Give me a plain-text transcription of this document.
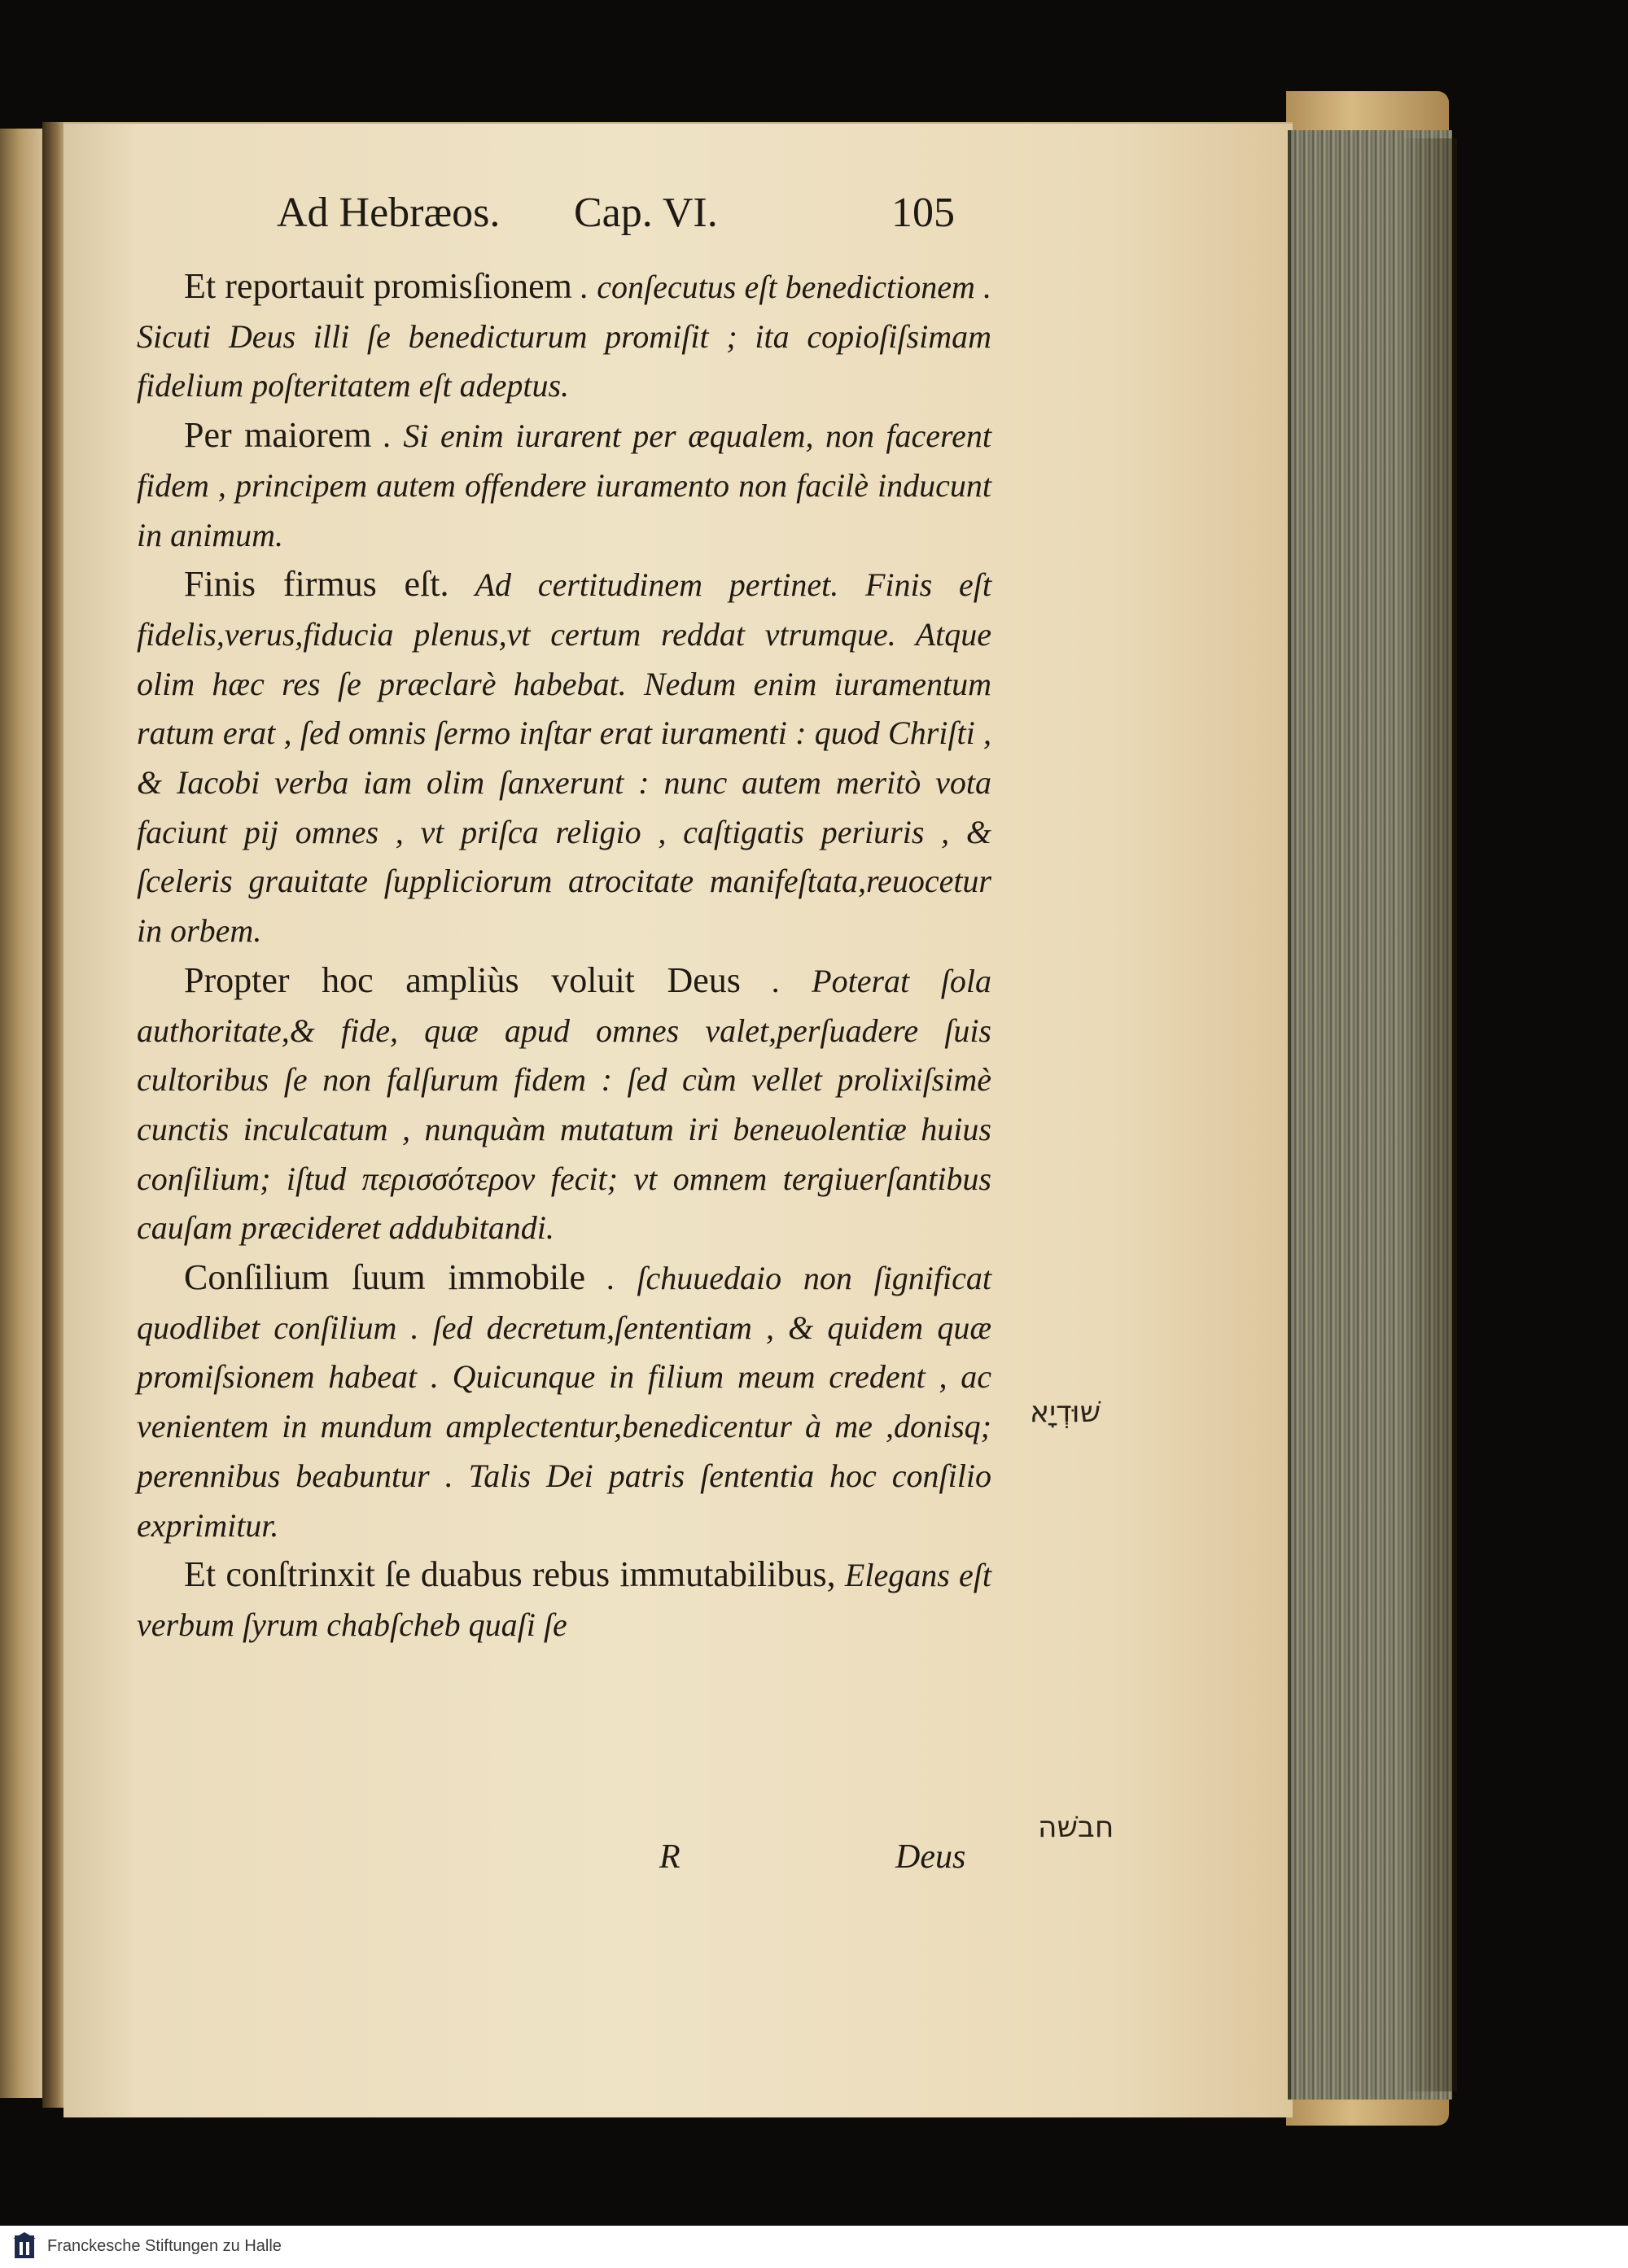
Ad Hebræos. Cap. VI.	105

Et reportauit promisſionem . conſecutus eſt benedictionem . Sicuti Deus illi ſe benedicturum promiſit ; ita copioſiſsimam fidelium poſteritatem eſt adeptus.

Per maiorem . Si enim iurarent per æqualem, non facerent fidem , principem autem offendere iuramento non facilè inducunt in animum.

Finis firmus eſt. Ad certitudinem pertinet. Finis eſt fidelis,verus,fiducia plenus,vt certum reddat vtrumque. Atque olim hæc res ſe præclarè habebat. Nedum enim iuramentum ratum erat , ſed omnis ſermo inſtar erat iuramenti : quod Chriſti , & Iacobi verba iam olim ſanxerunt : nunc autem meritò vota faciunt pij omnes , vt priſca religio , caſtigatis periuris , & ſceleris grauitate ſuppliciorum atrocitate manifeſtata,reuocetur in orbem.

Propter hoc ampliùs voluit Deus . Poterat ſola authoritate,& fide, quæ apud omnes valet,perſuadere ſuis cultoribus ſe non falſurum fidem : ſed cùm vellet prolixiſsimè cunctis inculcatum , nunquàm mutatum iri beneuolentiæ huius conſilium; iſtud περισσότερον fecit; vt omnem tergiuerſantibus cauſam præcideret addubitandi.

Conſilium ſuum immobile . ſchuuedaio non ſignificat quodlibet conſilium . ſed decretum,ſententiam , & quidem quæ promiſsionem habeat . Quicunque in filium meum credent , ac venientem in mundum amplectentur,benedicentur à me ,donisq; perennibus beabuntur . Talis Dei patris ſententia hoc conſilio exprimitur.

Et conſtrinxit ſe duabus rebus immutabilibus, Elegans eſt verbum ſyrum chabſcheb quaſi ſe

R	Deus
שׁוּדְיָא
חבשׁה
Franckesche Stiftungen zu Halle
